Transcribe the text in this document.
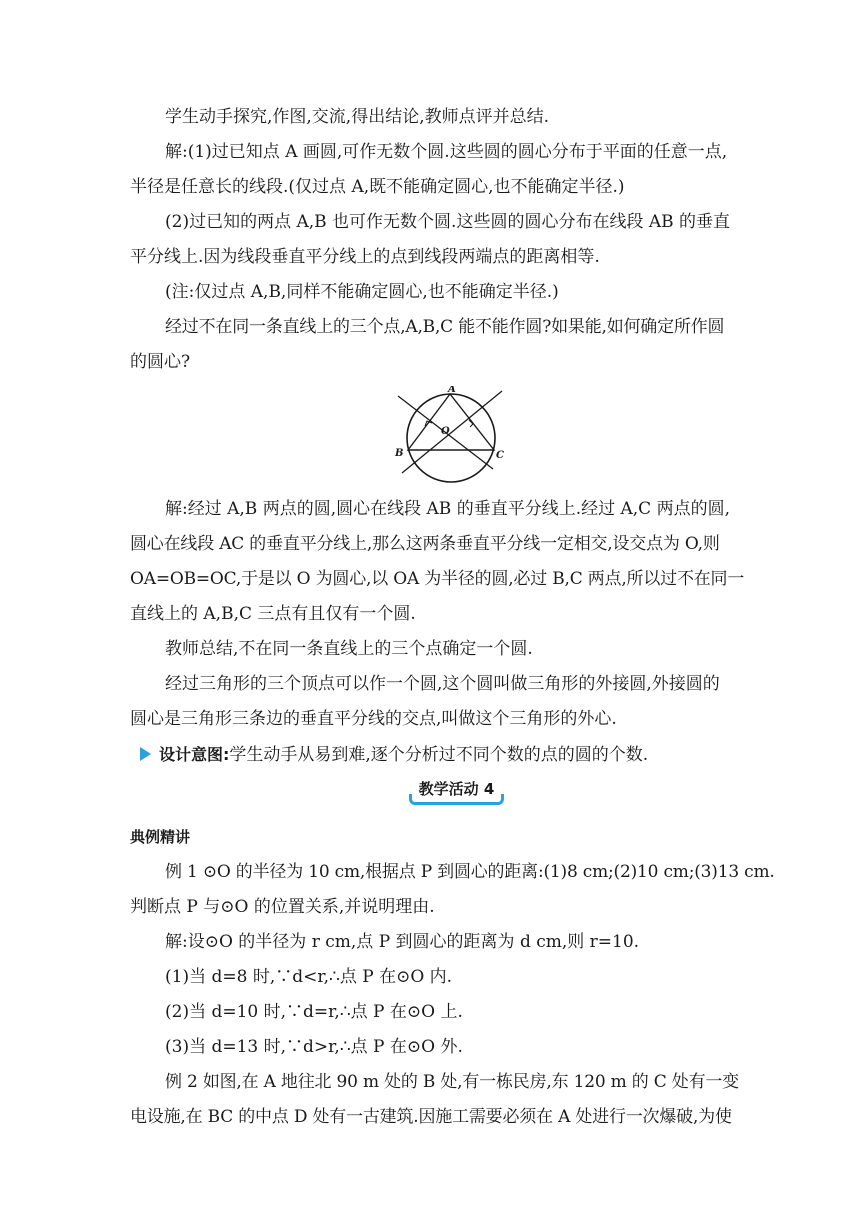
学生动手探究,作图,交流,得出结论,教师点评并总结.
解:(1)过已知点 A 画圆,可作无数个圆.这些圆的圆心分布于平面的任意一点,
半径是任意长的线段.(仅过点 A,既不能确定圆心,也不能确定半径.)
(2)过已知的两点 A,B 也可作无数个圆.这些圆的圆心分布在线段 AB 的垂直
平分线上.因为线段垂直平分线上的点到线段两端点的距离相等.
(注:仅过点 A,B,同样不能确定圆心,也不能确定半径.)
经过不在同一条直线上的三个点,A,B,C 能不能作圆?如果能,如何确定所作圆
的圆心?
A
B	C
O
解:经过 A,B 两点的圆,圆心在线段 AB 的垂直平分线上.经过 A,C 两点的圆,
圆心在线段 AC 的垂直平分线上,那么这两条垂直平分线一定相交,设交点为 O,则
OA=OB=OC,于是以 O 为圆心,以 OA 为半径的圆,必过 B,C 两点,所以过不在同一
直线上的 A,B,C 三点有且仅有一个圆.
教师总结,不在同一条直线上的三个点确定一个圆.
经过三角形的三个顶点可以作一个圆,这个圆叫做三角形的外接圆,外接圆的
圆心是三角形三条边的垂直平分线的交点,叫做这个三角形的外心.
设计意图:学生动手从易到难,逐个分析过不同个数的点的圆的个数.
教学活动 4
典例精讲
例 1 ⊙O 的半径为 10 cm,根据点 P 到圆心的距离:(1)8 cm;(2)10 cm;(3)13 cm.
判断点 P 与⊙O 的位置关系,并说明理由.
解:设⊙O 的半径为 r cm,点 P 到圆心的距离为 d cm,则 r=10.
(1)当 d=8 时,∵d<r,∴点 P 在⊙O 内.
(2)当 d=10 时,∵d=r,∴点 P 在⊙O 上.
(3)当 d=13 时,∵d>r,∴点 P 在⊙O 外.
例 2 如图,在 A 地往北 90 m 处的 B 处,有一栋民房,东 120 m 的 C 处有一变
电设施,在 BC 的中点 D 处有一古建筑.因施工需要必须在 A 处进行一次爆破,为使
